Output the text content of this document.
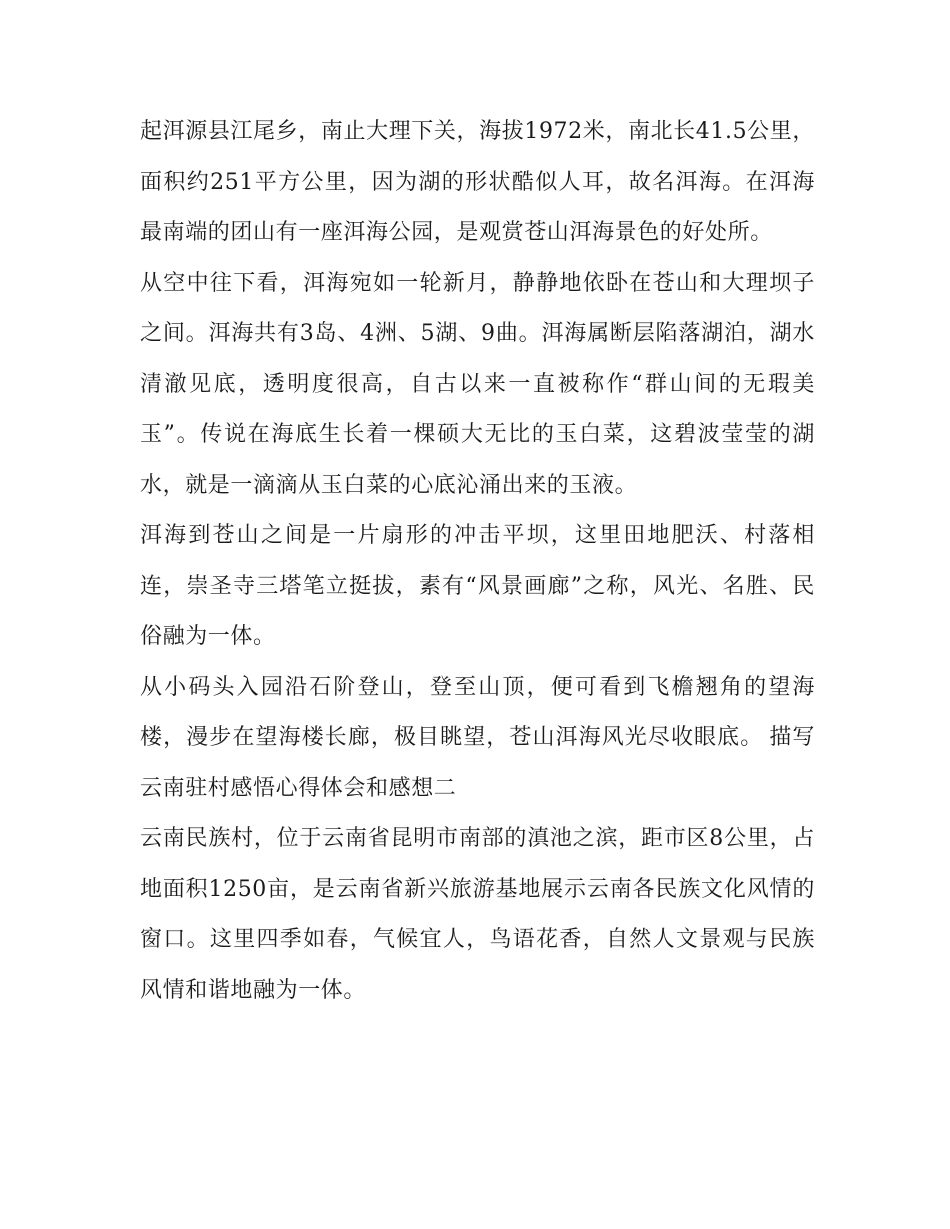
起洱源县江尾乡，南止大理下关，海拔1972米，南北长41.5公里，面积约251平方公里，因为湖的形状酷似人耳，故名洱海。在洱海最南端的团山有一座洱海公园，是观赏苍山洱海景色的好处所。

从空中往下看，洱海宛如一轮新月，静静地依卧在苍山和大理坝子之间。洱海共有3岛、4洲、5湖、9曲。洱海属断层陷落湖泊，湖水清澈见底，透明度很高，自古以来一直被称作“群山间的无瑕美玉”。传说在海底生长着一棵硕大无比的玉白菜，这碧波莹莹的湖水，就是一滴滴从玉白菜的心底沁涌出来的玉液。

洱海到苍山之间是一片扇形的冲击平坝，这里田地肥沃、村落相连，崇圣寺三塔笔立挺拔，素有“风景画廊”之称，风光、名胜、民俗融为一体。

从小码头入园沿石阶登山，登至山顶，便可看到飞檐翘角的望海楼，漫步在望海楼长廊，极目眺望，苍山洱海风光尽收眼底。 描写云南驻村感悟心得体会和感想二

云南民族村，位于云南省昆明市南部的滇池之滨，距市区8公里，占地面积1250亩，是云南省新兴旅游基地展示云南各民族文化风情的窗口。这里四季如春，气候宜人，鸟语花香，自然人文景观与民族风情和谐地融为一体。
